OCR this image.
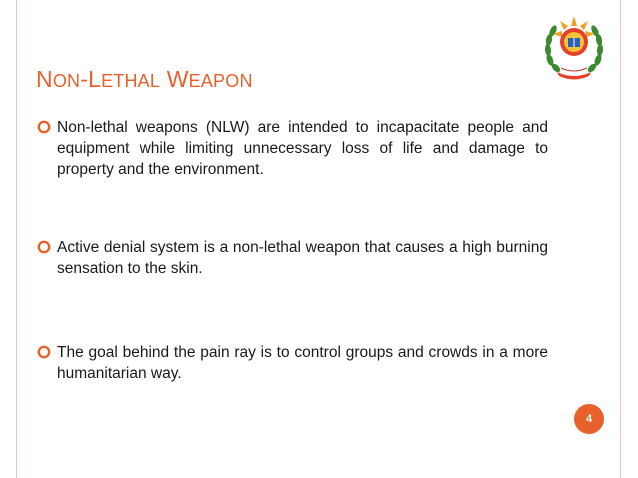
NON-LETHAL WEAPON
Non-lethal weapons (NLW) are intended to incapacitate people and equipment while limiting unnecessary loss of life and damage to property and the environment.
Active denial system is a non-lethal weapon that causes a high burning sensation to the skin.
The goal behind the pain ray is to control groups and crowds in a more humanitarian way.
4
